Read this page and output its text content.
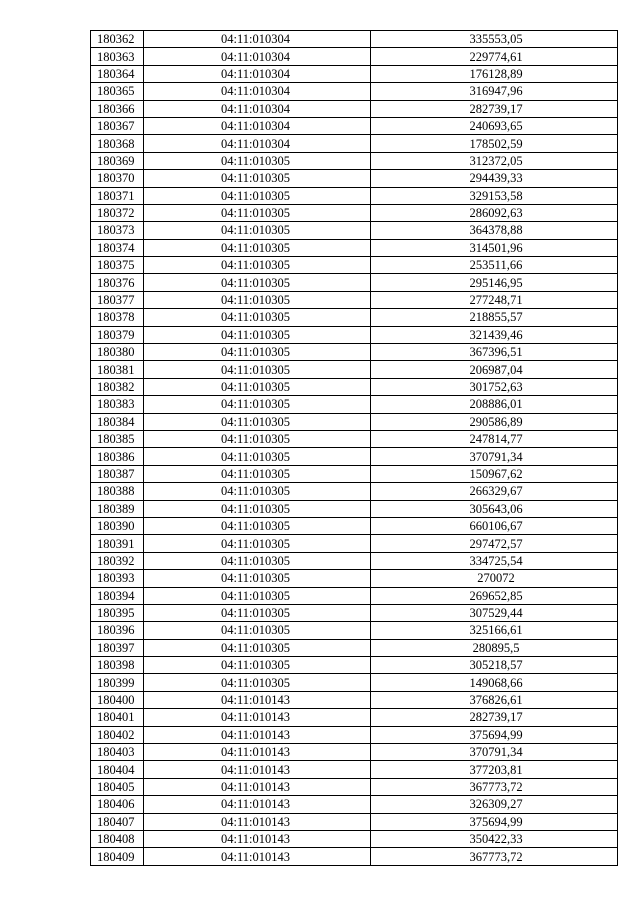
180362	04:11:010304	335553,05
180363	04:11:010304	229774,61
180364	04:11:010304	176128,89
180365	04:11:010304	316947,96
180366	04:11:010304	282739,17
180367	04:11:010304	240693,65
180368	04:11:010304	178502,59
180369	04:11:010305	312372,05
180370	04:11:010305	294439,33
180371	04:11:010305	329153,58
180372	04:11:010305	286092,63
180373	04:11:010305	364378,88
180374	04:11:010305	314501,96
180375	04:11:010305	253511,66
180376	04:11:010305	295146,95
180377	04:11:010305	277248,71
180378	04:11:010305	218855,57
180379	04:11:010305	321439,46
180380	04:11:010305	367396,51
180381	04:11:010305	206987,04
180382	04:11:010305	301752,63
180383	04:11:010305	208886,01
180384	04:11:010305	290586,89
180385	04:11:010305	247814,77
180386	04:11:010305	370791,34
180387	04:11:010305	150967,62
180388	04:11:010305	266329,67
180389	04:11:010305	305643,06
180390	04:11:010305	660106,67
180391	04:11:010305	297472,57
180392	04:11:010305	334725,54
180393	04:11:010305	270072
180394	04:11:010305	269652,85
180395	04:11:010305	307529,44
180396	04:11:010305	325166,61
180397	04:11:010305	280895,5
180398	04:11:010305	305218,57
180399	04:11:010305	149068,66
180400	04:11:010143	376826,61
180401	04:11:010143	282739,17
180402	04:11:010143	375694,99
180403	04:11:010143	370791,34
180404	04:11:010143	377203,81
180405	04:11:010143	367773,72
180406	04:11:010143	326309,27
180407	04:11:010143	375694,99
180408	04:11:010143	350422,33
180409	04:11:010143	367773,72
